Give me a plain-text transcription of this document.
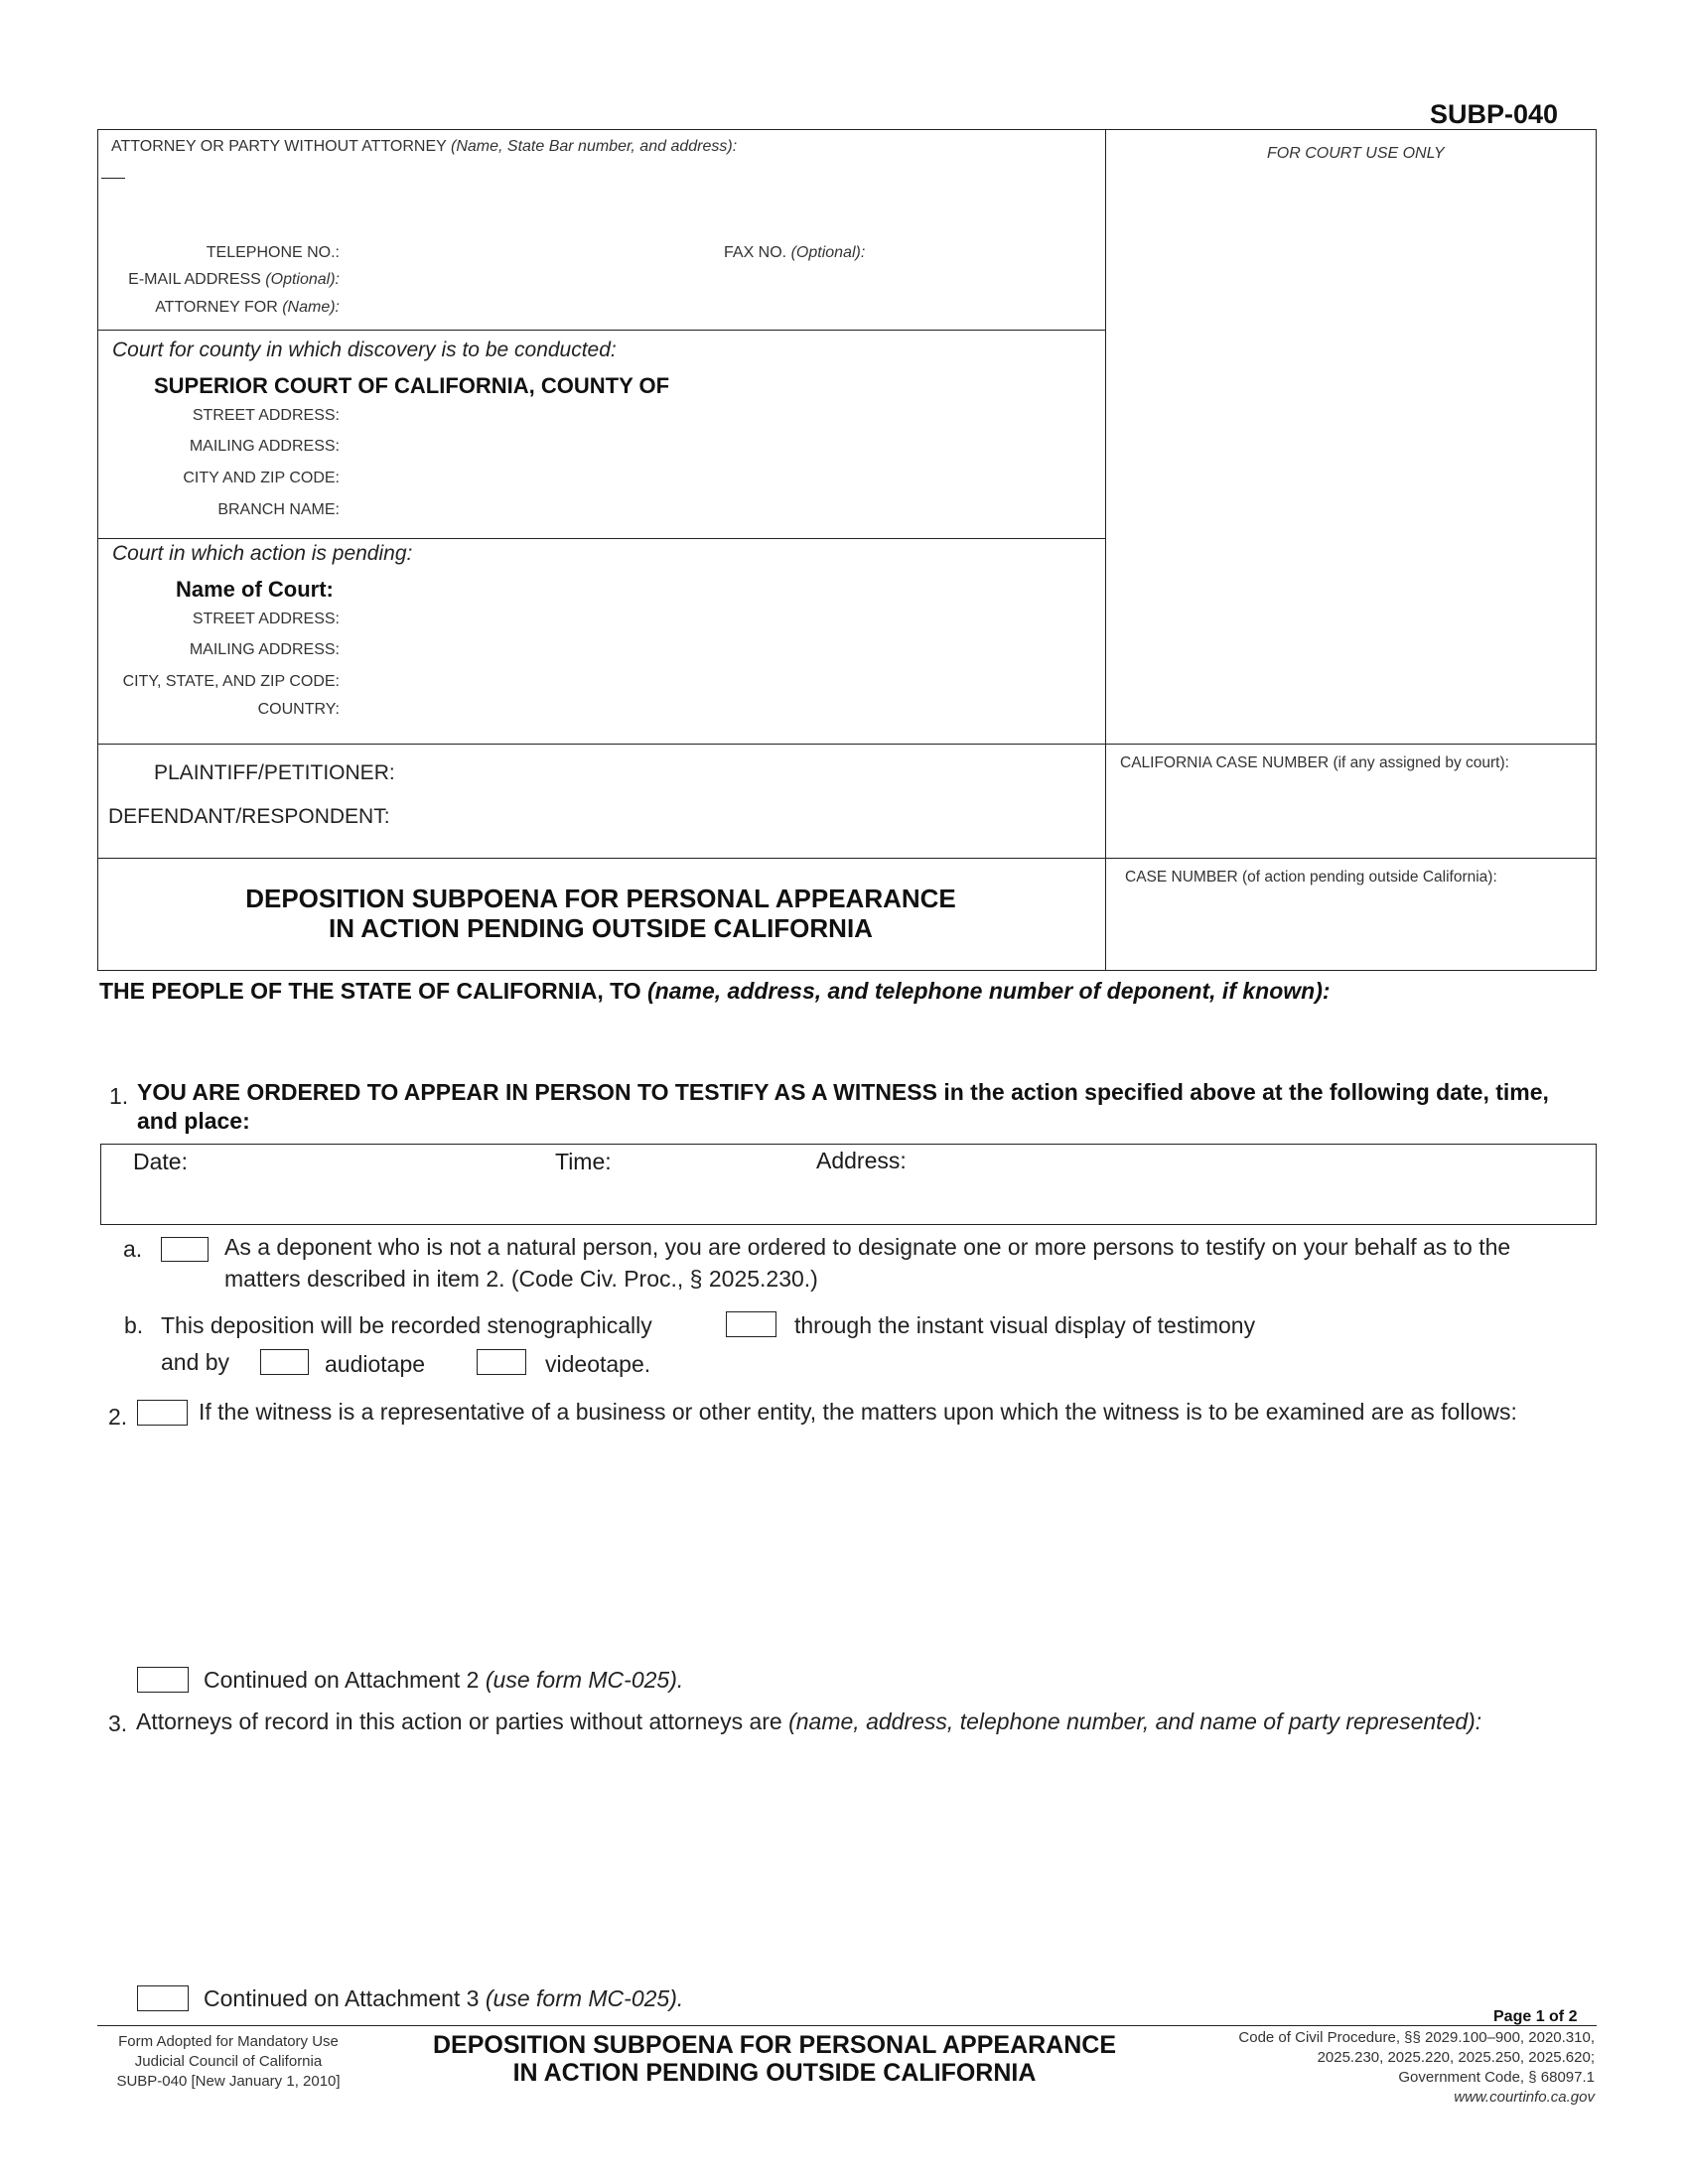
SUBP-040
ATTORNEY OR PARTY WITHOUT ATTORNEY (Name, State Bar number, and address):
TELEPHONE NO.:	FAX NO. (Optional):
E-MAIL ADDRESS (Optional):
ATTORNEY FOR (Name):
FOR COURT USE ONLY
Court for county in which discovery is to be conducted:
SUPERIOR COURT OF CALIFORNIA, COUNTY OF
STREET ADDRESS:
MAILING ADDRESS:
CITY AND ZIP CODE:
BRANCH NAME:
Court in which action is pending:
Name of Court:
STREET ADDRESS:
MAILING ADDRESS:
CITY, STATE, AND ZIP CODE:
COUNTRY:
PLAINTIFF/PETITIONER:
DEFENDANT/RESPONDENT:
CALIFORNIA CASE NUMBER (if any assigned by court):
CASE NUMBER (of action pending outside California):
DEPOSITION SUBPOENA FOR PERSONAL APPEARANCE
IN ACTION PENDING OUTSIDE CALIFORNIA
THE PEOPLE OF THE STATE OF CALIFORNIA, TO (name, address, and telephone number of deponent, if known):
1. YOU ARE ORDERED TO APPEAR IN PERSON TO TESTIFY AS A WITNESS in the action specified above at the following date, time, and place:
Date:	Time:	Address:
a.	As a deponent who is not a natural person, you are ordered to designate one or more persons to testify on your behalf as to the matters described in item 2. (Code Civ. Proc., § 2025.230.)
b. This deposition will be recorded stenographically	through the instant visual display of testimony
and by	audiotape	videotape.
2.	If the witness is a representative of a business or other entity, the matters upon which the witness is to be examined are as follows:
Continued on Attachment 2 (use form MC-025).
3. Attorneys of record in this action or parties without attorneys are (name, address, telephone number, and name of party represented):
Continued on Attachment 3 (use form MC-025).
Page 1 of 2
Form Adopted for Mandatory Use
Judicial Council of California
SUBP-040 [New January 1, 2010]
DEPOSITION SUBPOENA FOR PERSONAL APPEARANCE
IN ACTION PENDING OUTSIDE CALIFORNIA
Code of Civil Procedure, §§ 2029.100–900, 2020.310,
2025.230, 2025.220, 2025.250, 2025.620;
Government Code, § 68097.1
www.courtinfo.ca.gov
